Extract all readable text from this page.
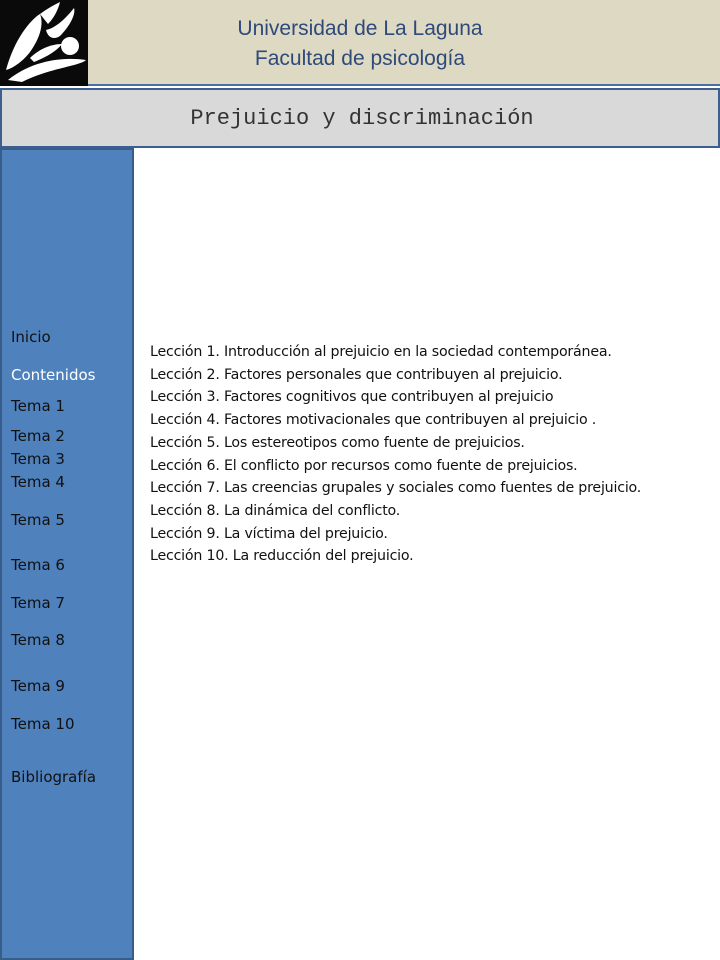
Universidad de La Laguna
Facultad de psicología
Prejuicio y discriminación
Inicio
Contenidos
Tema 1
Tema 2
Tema 3
Tema 4
Tema 5
Tema 6
Tema 7
Tema 8
Tema 9
Tema 10
Bibliografía
Lección 1. Introducción al prejuicio en la sociedad contemporánea.
Lección 2. Factores personales que contribuyen al prejuicio.
Lección 3. Factores cognitivos que contribuyen al prejuicio
Lección 4. Factores motivacionales que contribuyen al prejuicio .
Lección 5. Los estereotipos como fuente de prejuicios.
Lección 6. El conflicto por recursos como fuente de prejuicios.
Lección 7. Las creencias grupales y sociales como fuentes de prejuicio.
Lección 8. La dinámica del conflicto.
Lección 9. La víctima del prejuicio.
Lección 10. La reducción del prejuicio.
